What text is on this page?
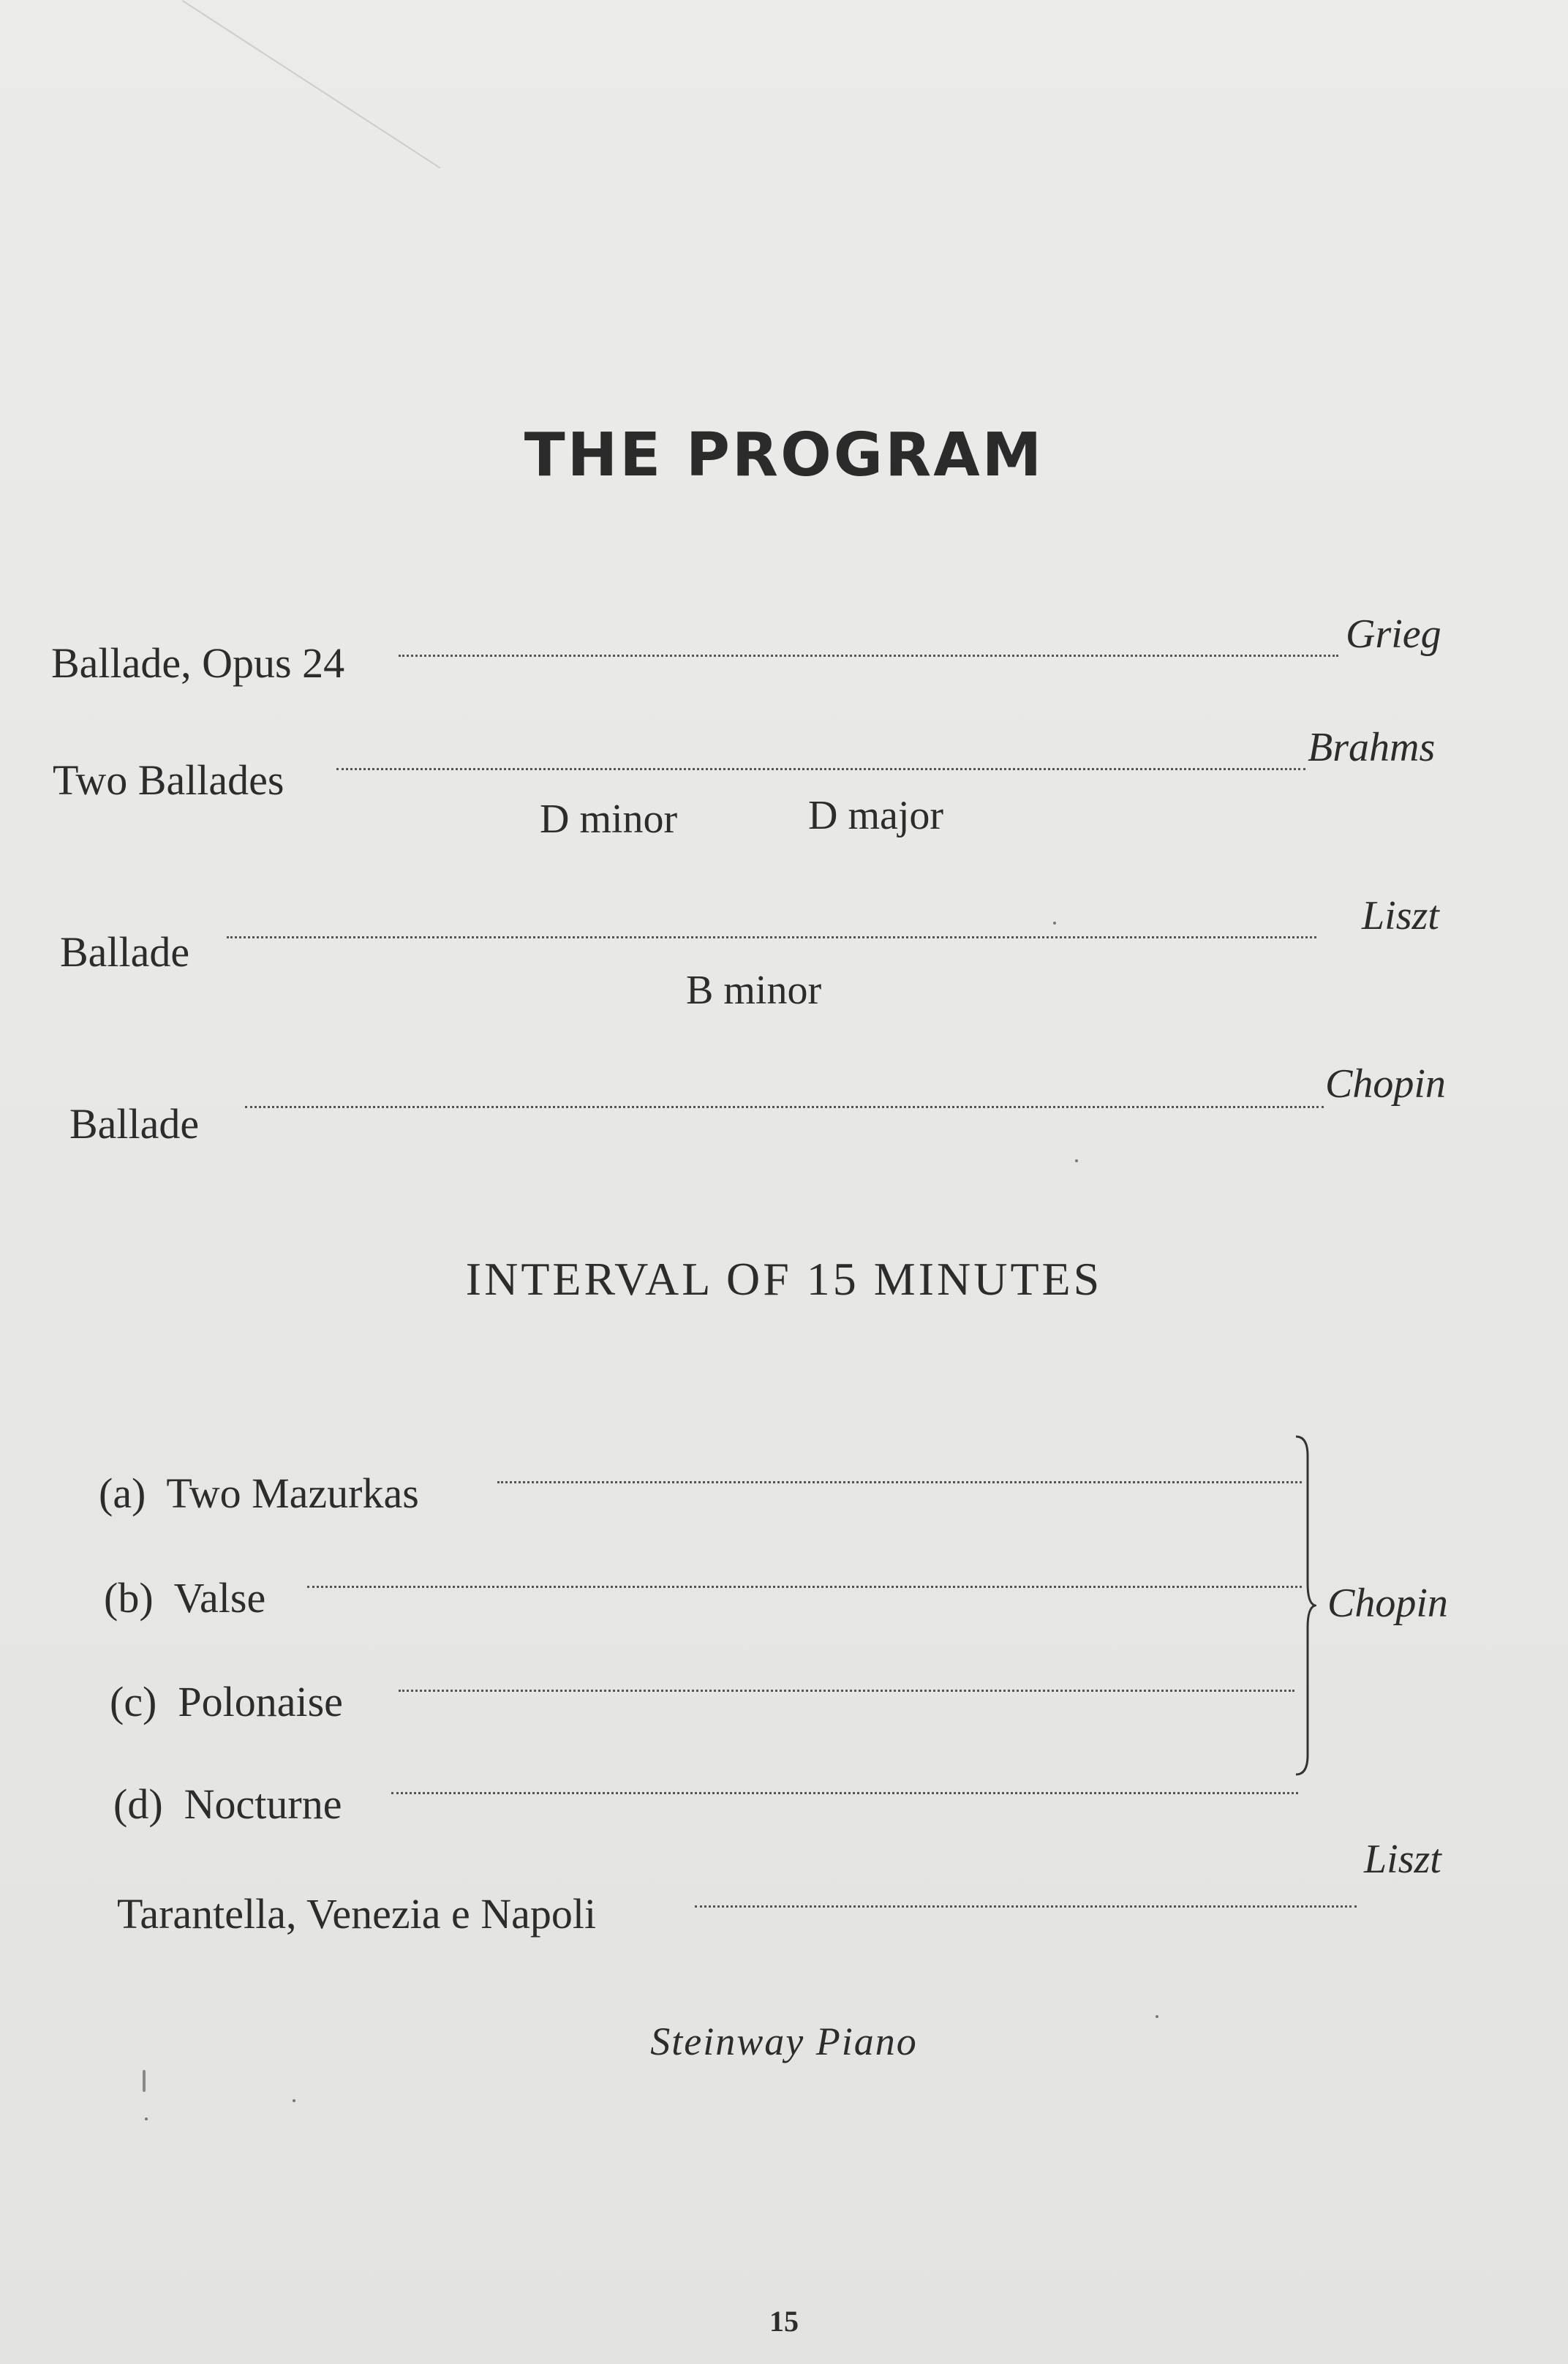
THE PROGRAM
Ballade, Opus 24
Grieg
Two Ballades
Brahms
D minor	D major
Ballade
Liszt
B minor
Ballade
Chopin
INTERVAL OF 15 MINUTES
(a) Two Mazurkas
(b) Valse
(c) Polonaise
(d) Nocturne
Chopin
Tarantella, Venezia e Napoli
Liszt
Steinway Piano
15
